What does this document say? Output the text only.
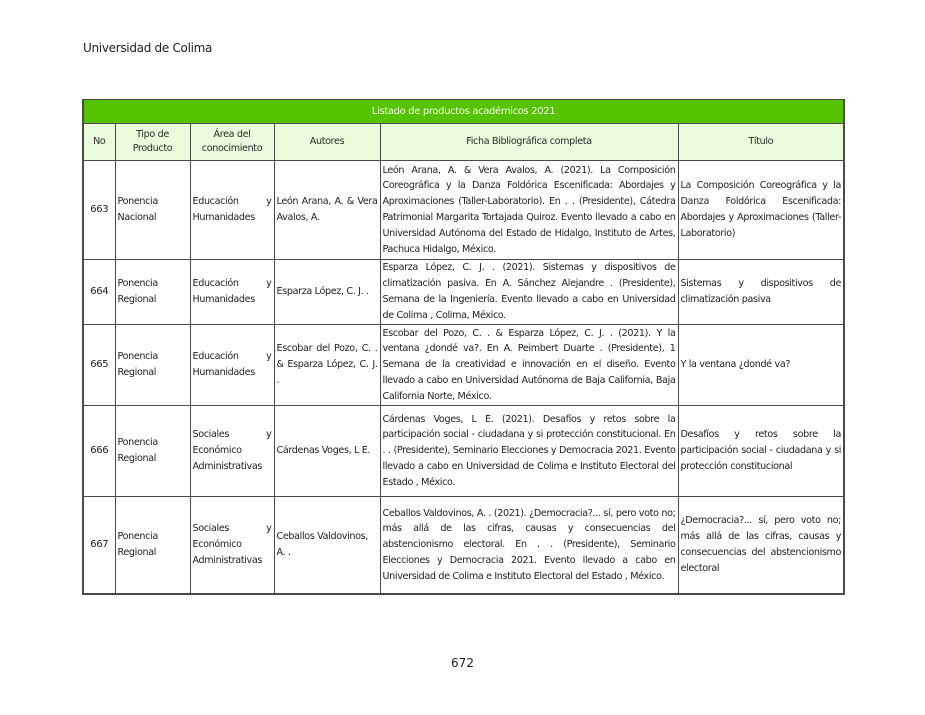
Universidad de Colima
Listado de productos académicos 2021					
No	Tipo de Producto	Área del conocimiento	Autores	Ficha Bibliográfica completa	Título
663	Ponencia Nacional	Educación y Humanidades	León Arana, A. & Vera Avalos, A.	León Arana, A. & Vera Avalos, A. (2021). La Composición Coreográfica y la Danza Foldórica Escenificada: Abordajes y Aproximaciones (Taller-Laboratorio). En . . (Presidente), Cátedra Patrimonial Margarita Tortajada Quiroz. Evento llevado a cabo en Universidad Autónoma del Estado de Hidalgo, Instituto de Artes, Pachuca Hidalgo, México.	La Composición Coreográfica y la Danza Foldórica Escenificada: Abordajes y Aproximaciones (Taller-Laboratorio)
664	Ponencia Regional	Educación y Humanidades	Esparza López, C. J. .	Esparza López, C. J. . (2021). Sistemas y dispositivos de climatización pasiva. En A. Sánchez Alejandre . (Presidente), Semana de la Ingeniería. Evento llevado a cabo en Universidad de Colima , Colima, México.	Sistemas y dispositivos de climatización pasiva
665	Ponencia Regional	Educación y Humanidades	Escobar del Pozo, C. . & Esparza López, C. J. .	Escobar del Pozo, C. . & Esparza López, C. J. . (2021). Y la ventana ¿dondé va?. En A. Peimbert Duarte . (Presidente), 1 Semana de la creatividad e innovación en el diseño. Evento llevado a cabo en Universidad Autónoma de Baja California, Baja California Norte, México.	Y la ventana ¿dondé va?
666	Ponencia Regional	Sociales y Económico Administrativas	Cárdenas Voges, L E.	Cárdenas Voges, L E. (2021). Desafíos y retos sobre la participación social - ciudadana y si protección constitucional. En . . (Presidente), Seminario Elecciones y Democracia 2021. Evento llevado a cabo en Universidad de Colima e Instituto Electoral del Estado , México.	Desafíos y retos sobre la participación social - ciudadana y si protección constitucional
667	Ponencia Regional	Sociales y Económico Administrativas	Ceballos Valdovinos, A. .	Ceballos Valdovinos, A. . (2021). ¿Democracia?... sí, pero voto no; más allá de las cifras, causas y consecuencias del abstencionismo electoral. En . . (Presidente), Seminario Elecciones y Democracia 2021. Evento llevado a cabo en Universidad de Colima e Instituto Electoral del Estado , México.	¿Democracia?... sí, pero voto no; más allá de las cifras, causas y consecuencias del abstencionismo electoral
672
